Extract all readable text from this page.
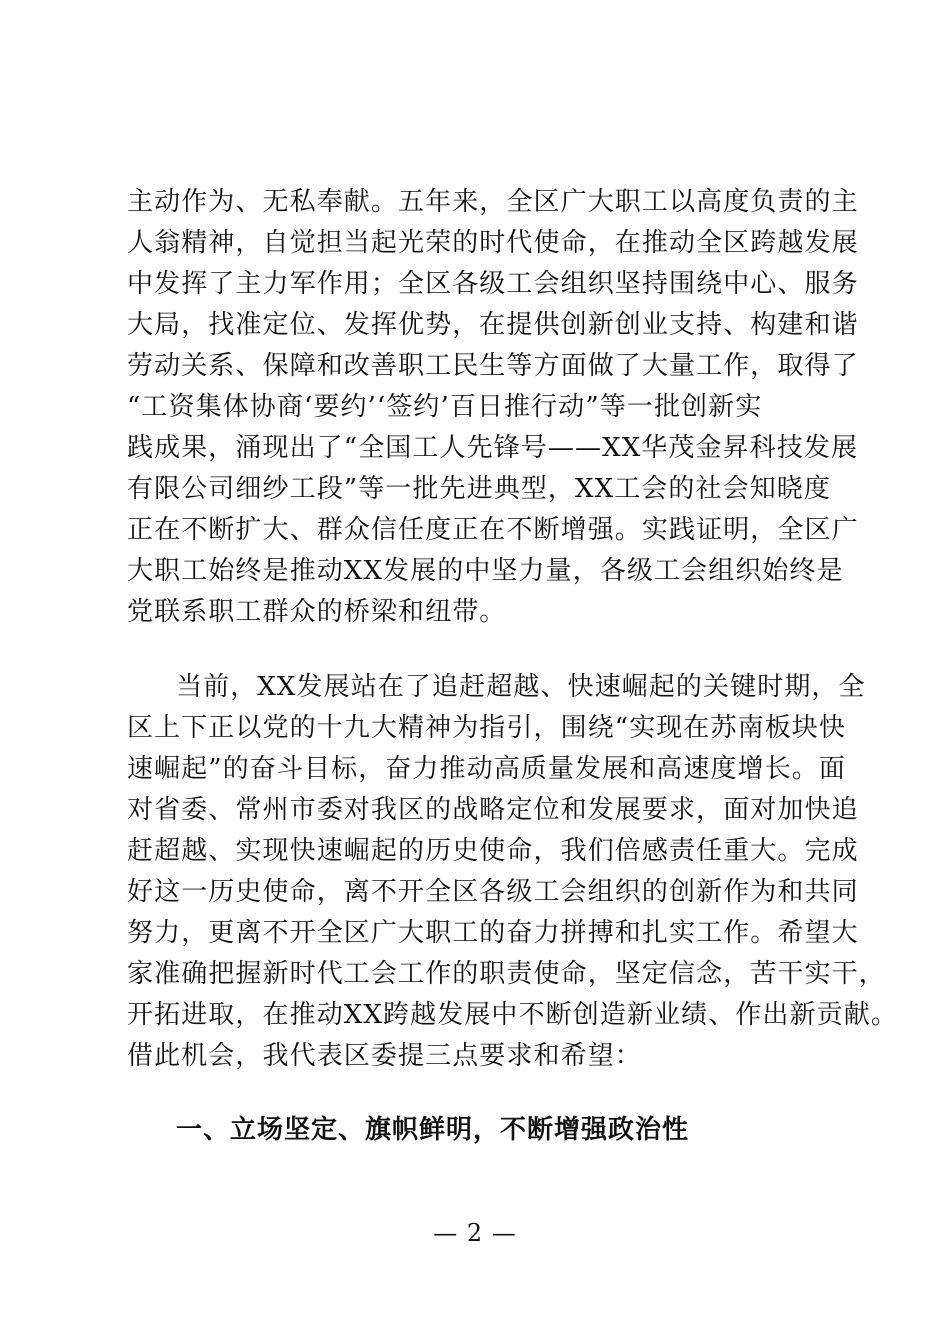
主动作为、无私奉献。五年来，全区广大职工以高度负责的主
人翁精神，自觉担当起光荣的时代使命，在推动全区跨越发展
中发挥了主力军作用；全区各级工会组织坚持围绕中心、服务
大局，找准定位、发挥优势，在提供创新创业支持、构建和谐
劳动关系、保障和改善职工民生等方面做了大量工作，取得了
“工资集体协商‘要约’‘签约’百日推行动”等一批创新实
践成果，涌现出了“全国工人先锋号——XX华茂金昇科技发展
有限公司细纱工段”等一批先进典型，XX工会的社会知晓度
正在不断扩大、群众信任度正在不断增强。实践证明，全区广
大职工始终是推动XX发展的中坚力量，各级工会组织始终是
党联系职工群众的桥梁和纽带。
当前，XX发展站在了追赶超越、快速崛起的关键时期，全
区上下正以党的十九大精神为指引，围绕“实现在苏南板块快
速崛起”的奋斗目标，奋力推动高质量发展和高速度增长。面
对省委、常州市委对我区的战略定位和发展要求，面对加快追
赶超越、实现快速崛起的历史使命，我们倍感责任重大。完成
好这一历史使命，离不开全区各级工会组织的创新作为和共同
努力，更离不开全区广大职工的奋力拼搏和扎实工作。希望大
家准确把握新时代工会工作的职责使命，坚定信念，苦干实干，
开拓进取，在推动XX跨越发展中不断创造新业绩、作出新贡献。
借此机会，我代表区委提三点要求和希望：
一、立场坚定、旗帜鲜明，不断增强政治性
— 2 —
